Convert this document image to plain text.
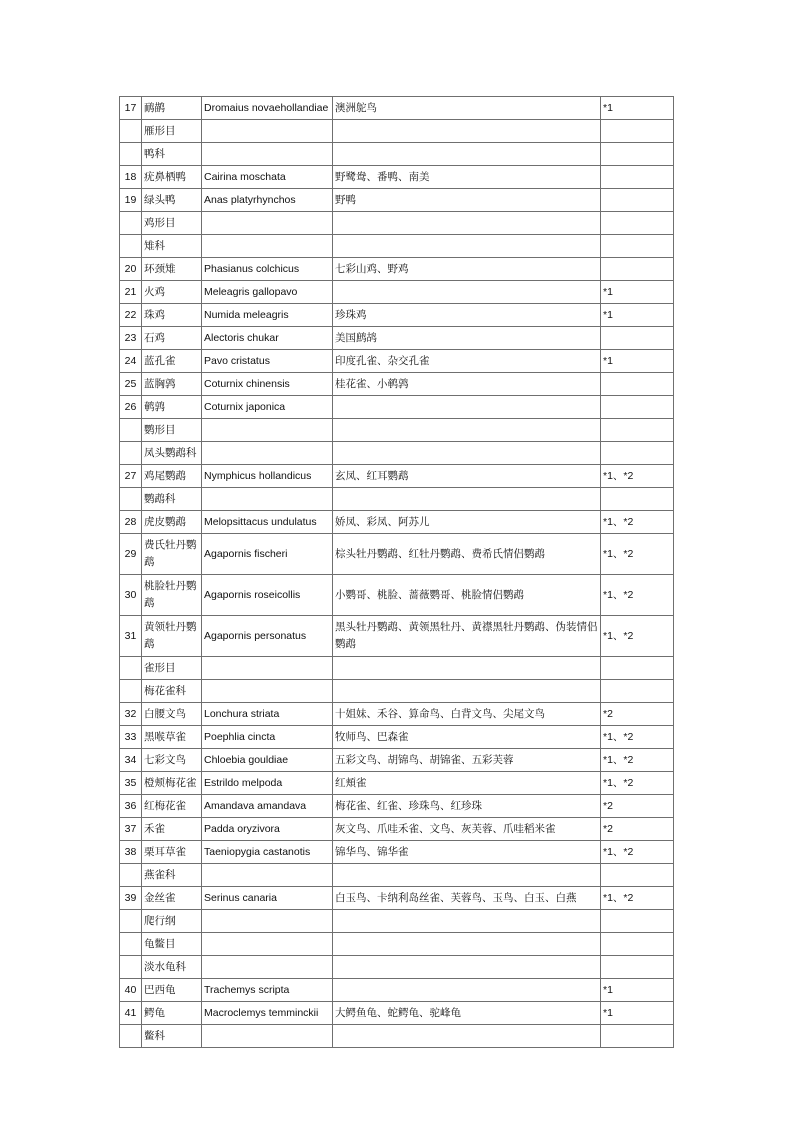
17	鸸鹋	Dromaius novaehollandiae	澳洲鸵鸟	*1
	雁形目			
	鸭科			
18	疣鼻栖鸭	Cairina moschata	野鹭鸯、番鸭、南美	
19	绿头鸭	Anas platyrhynchos	野鸭	
	鸡形目			
	雉科			
20	环颈雉	Phasianus colchicus	七彩山鸡、野鸡	
21	火鸡	Meleagris gallopavo		*1
22	珠鸡	Numida meleagris	珍珠鸡	*1
23	石鸡	Alectoris chukar	美国鹧鸪	
24	蓝孔雀	Pavo cristatus	印度孔雀、杂交孔雀	*1
25	蓝胸鹑	Coturnix chinensis	桂花雀、小鹌鹑	
26	鹌鹑	Coturnix japonica		
	鹦形目			
	凤头鹦鹉科			
27	鸡尾鹦鹉	Nymphicus hollandicus	玄凤、红耳鹦鹉	*1、*2
	鹦鹉科			
28	虎皮鹦鹉	Melopsittacus undulatus	娇凤、彩凤、阿苏儿	*1、*2
29	费氏牡丹鹦鹉	Agapornis fischeri	棕头牡丹鹦鹉、红牡丹鹦鹉、费希氏情侣鹦鹉	*1、*2
30	桃脸牡丹鹦鹉	Agapornis roseicollis	小鹦哥、桃脸、蔷薇鹦哥、桃脸情侣鹦鹉	*1、*2
31	黄领牡丹鹦鹉	Agapornis personatus	黑头牡丹鹦鹉、黄领黑牡丹、黄襟黑牡丹鹦鹉、伪装情侣鹦鹉	*1、*2
	雀形目			
	梅花雀科			
32	白腰文鸟	Lonchura striata	十姐妹、禾谷、算命鸟、白背文鸟、尖尾文鸟	*2
33	黑喉草雀	Poephlia cincta	牧师鸟、巴森雀	*1、*2
34	七彩文鸟	Chloebia gouldiae	五彩文鸟、胡锦鸟、胡锦雀、五彩芙蓉	*1、*2
35	橙颊梅花雀	Estrildo melpoda	红頬雀	*1、*2
36	红梅花雀	Amandava amandava	梅花雀、红雀、珍珠鸟、红珍珠	*2
37	禾雀	Padda oryzivora	灰文鸟、爪哇禾雀、文鸟、灰芙蓉、爪哇稻米雀	*2
38	栗耳草雀	Taeniopygia castanotis	锦华鸟、锦华雀	*1、*2
	燕雀科			
39	金丝雀	Serinus canaria	白玉鸟、卡纳利岛丝雀、芙蓉鸟、玉鸟、白玉、白燕	*1、*2
	爬行纲			
	龟鳖目			
	淡水龟科			
40	巴西龟	Trachemys scripta		*1
41	鳄龟	Macroclemys temminckii	大鳄鱼龟、蛇鳄龟、驼峰龟	*1
	鳖科			
